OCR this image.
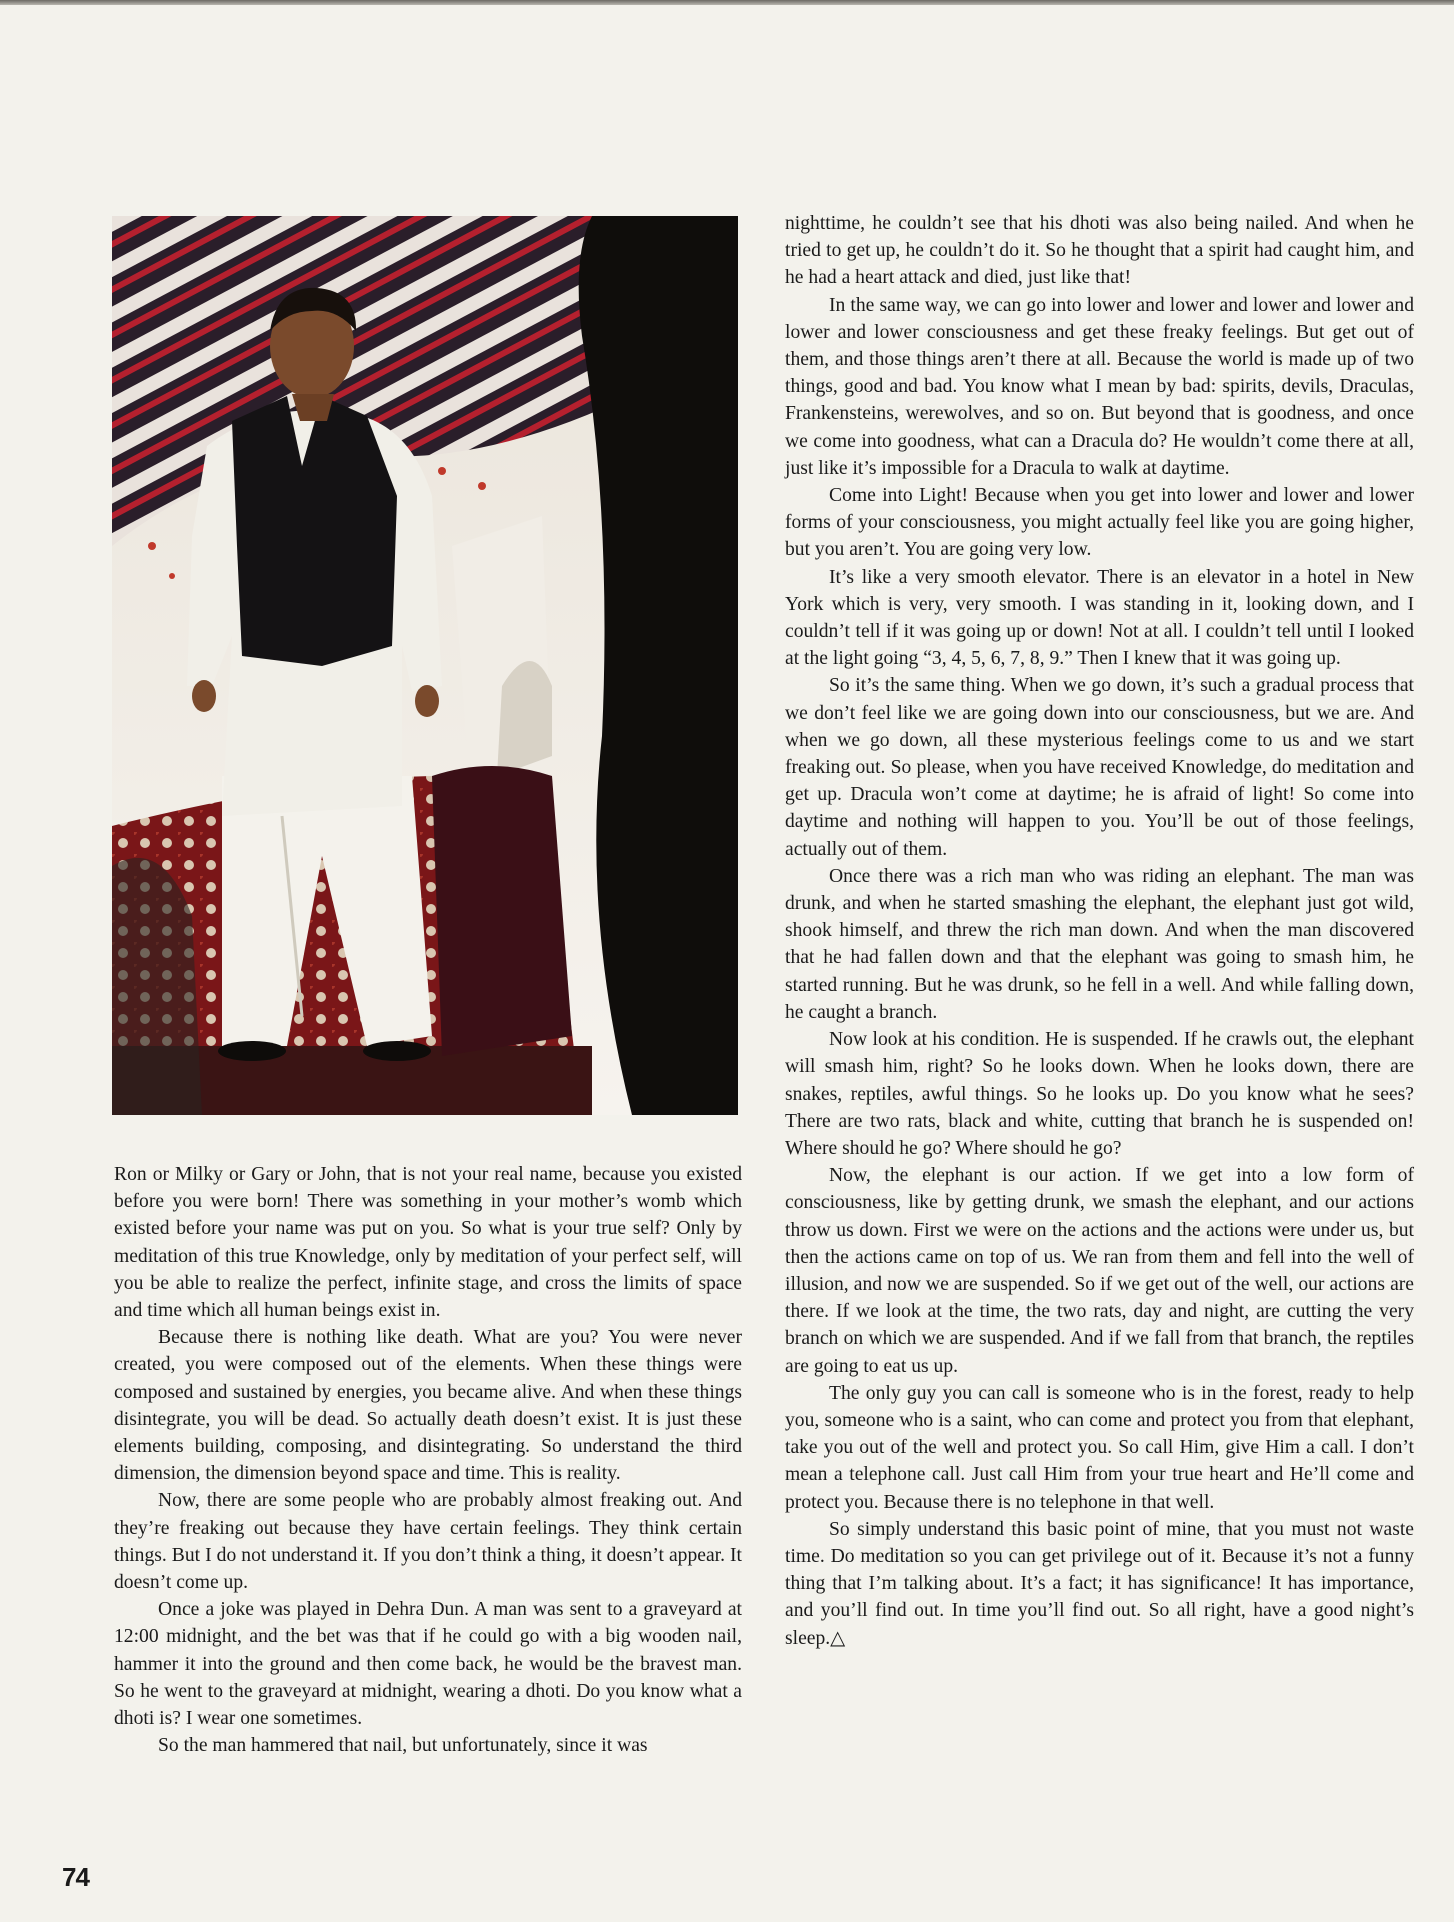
Ron or Milky or Gary or John, that is not your real name, because you existed before you were born! There was something in your mother’s womb which existed before your name was put on you. So what is your true self? Only by meditation of this true Knowledge, only by meditation of your perfect self, will you be able to realize the perfect, infinite stage, and cross the limits of space and time which all human beings exist in.

Because there is nothing like death. What are you? You were never created, you were composed out of the elements. When these things were composed and sustained by energies, you became alive. And when these things disintegrate, you will be dead. So actually death doesn’t exist. It is just these elements building, composing, and disintegrating. So understand the third dimension, the dimension beyond space and time. This is reality.

Now, there are some people who are probably almost freaking out. And they’re freaking out because they have certain feelings. They think certain things. But I do not understand it. If you don’t think a thing, it doesn’t appear. It doesn’t come up.

Once a joke was played in Dehra Dun. A man was sent to a graveyard at 12:00 midnight, and the bet was that if he could go with a big wooden nail, hammer it into the ground and then come back, he would be the bravest man. So he went to the graveyard at midnight, wearing a dhoti. Do you know what a dhoti is? I wear one sometimes.

So the man hammered that nail, but unfortunately, since it was

nighttime, he couldn’t see that his dhoti was also being nailed. And when he tried to get up, he couldn’t do it. So he thought that a spirit had caught him, and he had a heart attack and died, just like that!

In the same way, we can go into lower and lower and lower and lower and lower and lower consciousness and get these freaky feelings. But get out of them, and those things aren’t there at all. Because the world is made up of two things, good and bad. You know what I mean by bad: spirits, devils, Draculas, Frankensteins, werewolves, and so on. But beyond that is goodness, and once we come into goodness, what can a Dracula do? He wouldn’t come there at all, just like it’s impossible for a Dracula to walk at daytime.

Come into Light! Because when you get into lower and lower and lower forms of your consciousness, you might actually feel like you are going higher, but you aren’t. You are going very low.

It’s like a very smooth elevator. There is an elevator in a hotel in New York which is very, very smooth. I was standing in it, looking down, and I couldn’t tell if it was going up or down! Not at all. I couldn’t tell until I looked at the light going “3, 4, 5, 6, 7, 8, 9.” Then I knew that it was going up.

So it’s the same thing. When we go down, it’s such a gradual process that we don’t feel like we are going down into our consciousness, but we are. And when we go down, all these mysterious feelings come to us and we start freaking out. So please, when you have received Knowledge, do meditation and get up. Dracula won’t come at daytime; he is afraid of light! So come into daytime and nothing will happen to you. You’ll be out of those feelings, actually out of them.

Once there was a rich man who was riding an elephant. The man was drunk, and when he started smashing the elephant, the elephant just got wild, shook himself, and threw the rich man down. And when the man discovered that he had fallen down and that the elephant was going to smash him, he started running. But he was drunk, so he fell in a well. And while falling down, he caught a branch.

Now look at his condition. He is suspended. If he crawls out, the elephant will smash him, right? So he looks down. When he looks down, there are snakes, reptiles, awful things. So he looks up. Do you know what he sees? There are two rats, black and white, cutting that branch he is suspended on! Where should he go? Where should he go?

Now, the elephant is our action. If we get into a low form of consciousness, like by getting drunk, we smash the elephant, and our actions throw us down. First we were on the actions and the actions were under us, but then the actions came on top of us. We ran from them and fell into the well of illusion, and now we are suspended. So if we get out of the well, our actions are there. If we look at the time, the two rats, day and night, are cutting the very branch on which we are suspended. And if we fall from that branch, the reptiles are going to eat us up.

The only guy you can call is someone who is in the forest, ready to help you, someone who is a saint, who can come and protect you from that elephant, take you out of the well and protect you. So call Him, give Him a call. I don’t mean a telephone call. Just call Him from your true heart and He’ll come and protect you. Because there is no telephone in that well.

So simply understand this basic point of mine, that you must not waste time. Do meditation so you can get privilege out of it. Because it’s not a funny thing that I’m talking about. It’s a fact; it has significance! It has importance, and you’ll find out. In time you’ll find out. So all right, have a good night’s sleep.△

74
